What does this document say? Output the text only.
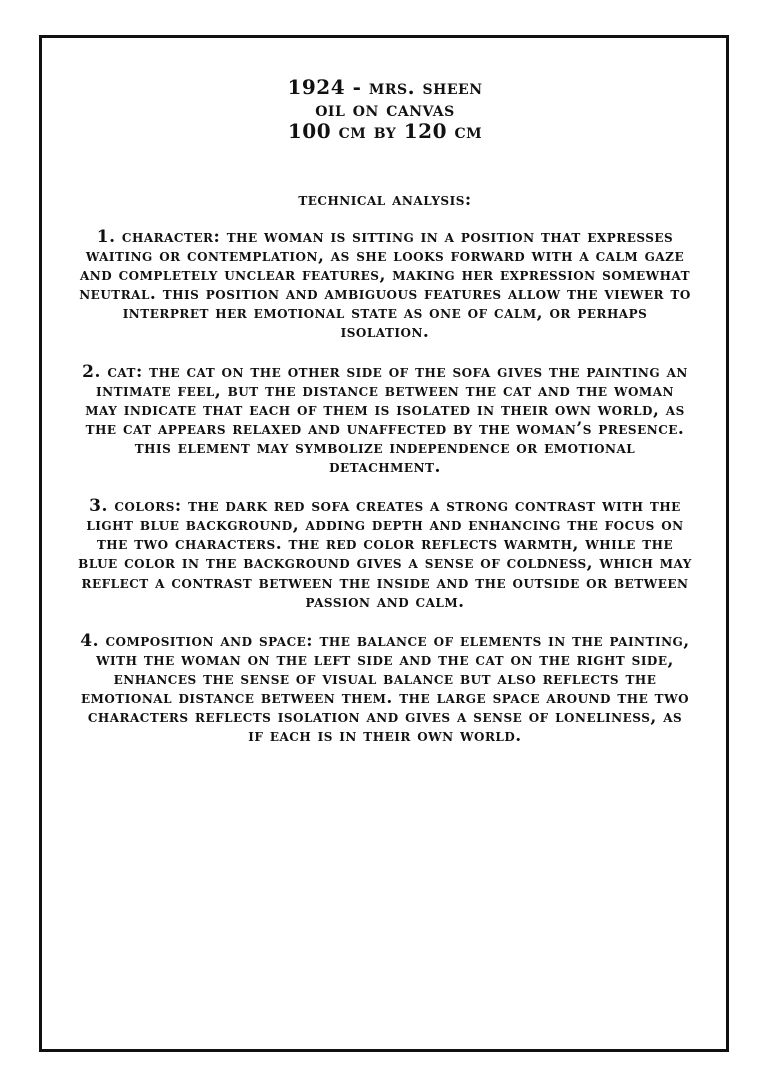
1924 - mrs. sheen
oil on canvas
100 cm by 120 cm
technical analysis:
1. character: the woman is sitting in a position that expresses waiting or contemplation, as she looks forward with a calm gaze and completely unclear features, making her expression somewhat neutral. this position and ambiguous features allow the viewer to interpret her emotional state as one of calm, or perhaps isolation.
2. cat: the cat on the other side of the sofa gives the painting an intimate feel, but the distance between the cat and the woman may indicate that each of them is isolated in their own world, as the cat appears relaxed and unaffected by the woman’s presence. this element may symbolize independence or emotional detachment.
3. colors: the dark red sofa creates a strong contrast with the light blue background, adding depth and enhancing the focus on the two characters. the red color reflects warmth, while the blue color in the background gives a sense of coldness, which may reflect a contrast between the inside and the outside or between passion and calm.
4. composition and space: the balance of elements in the painting, with the woman on the left side and the cat on the right side, enhances the sense of visual balance but also reflects the emotional distance between them. the large space around the two characters reflects isolation and gives a sense of loneliness, as if each is in their own world.
